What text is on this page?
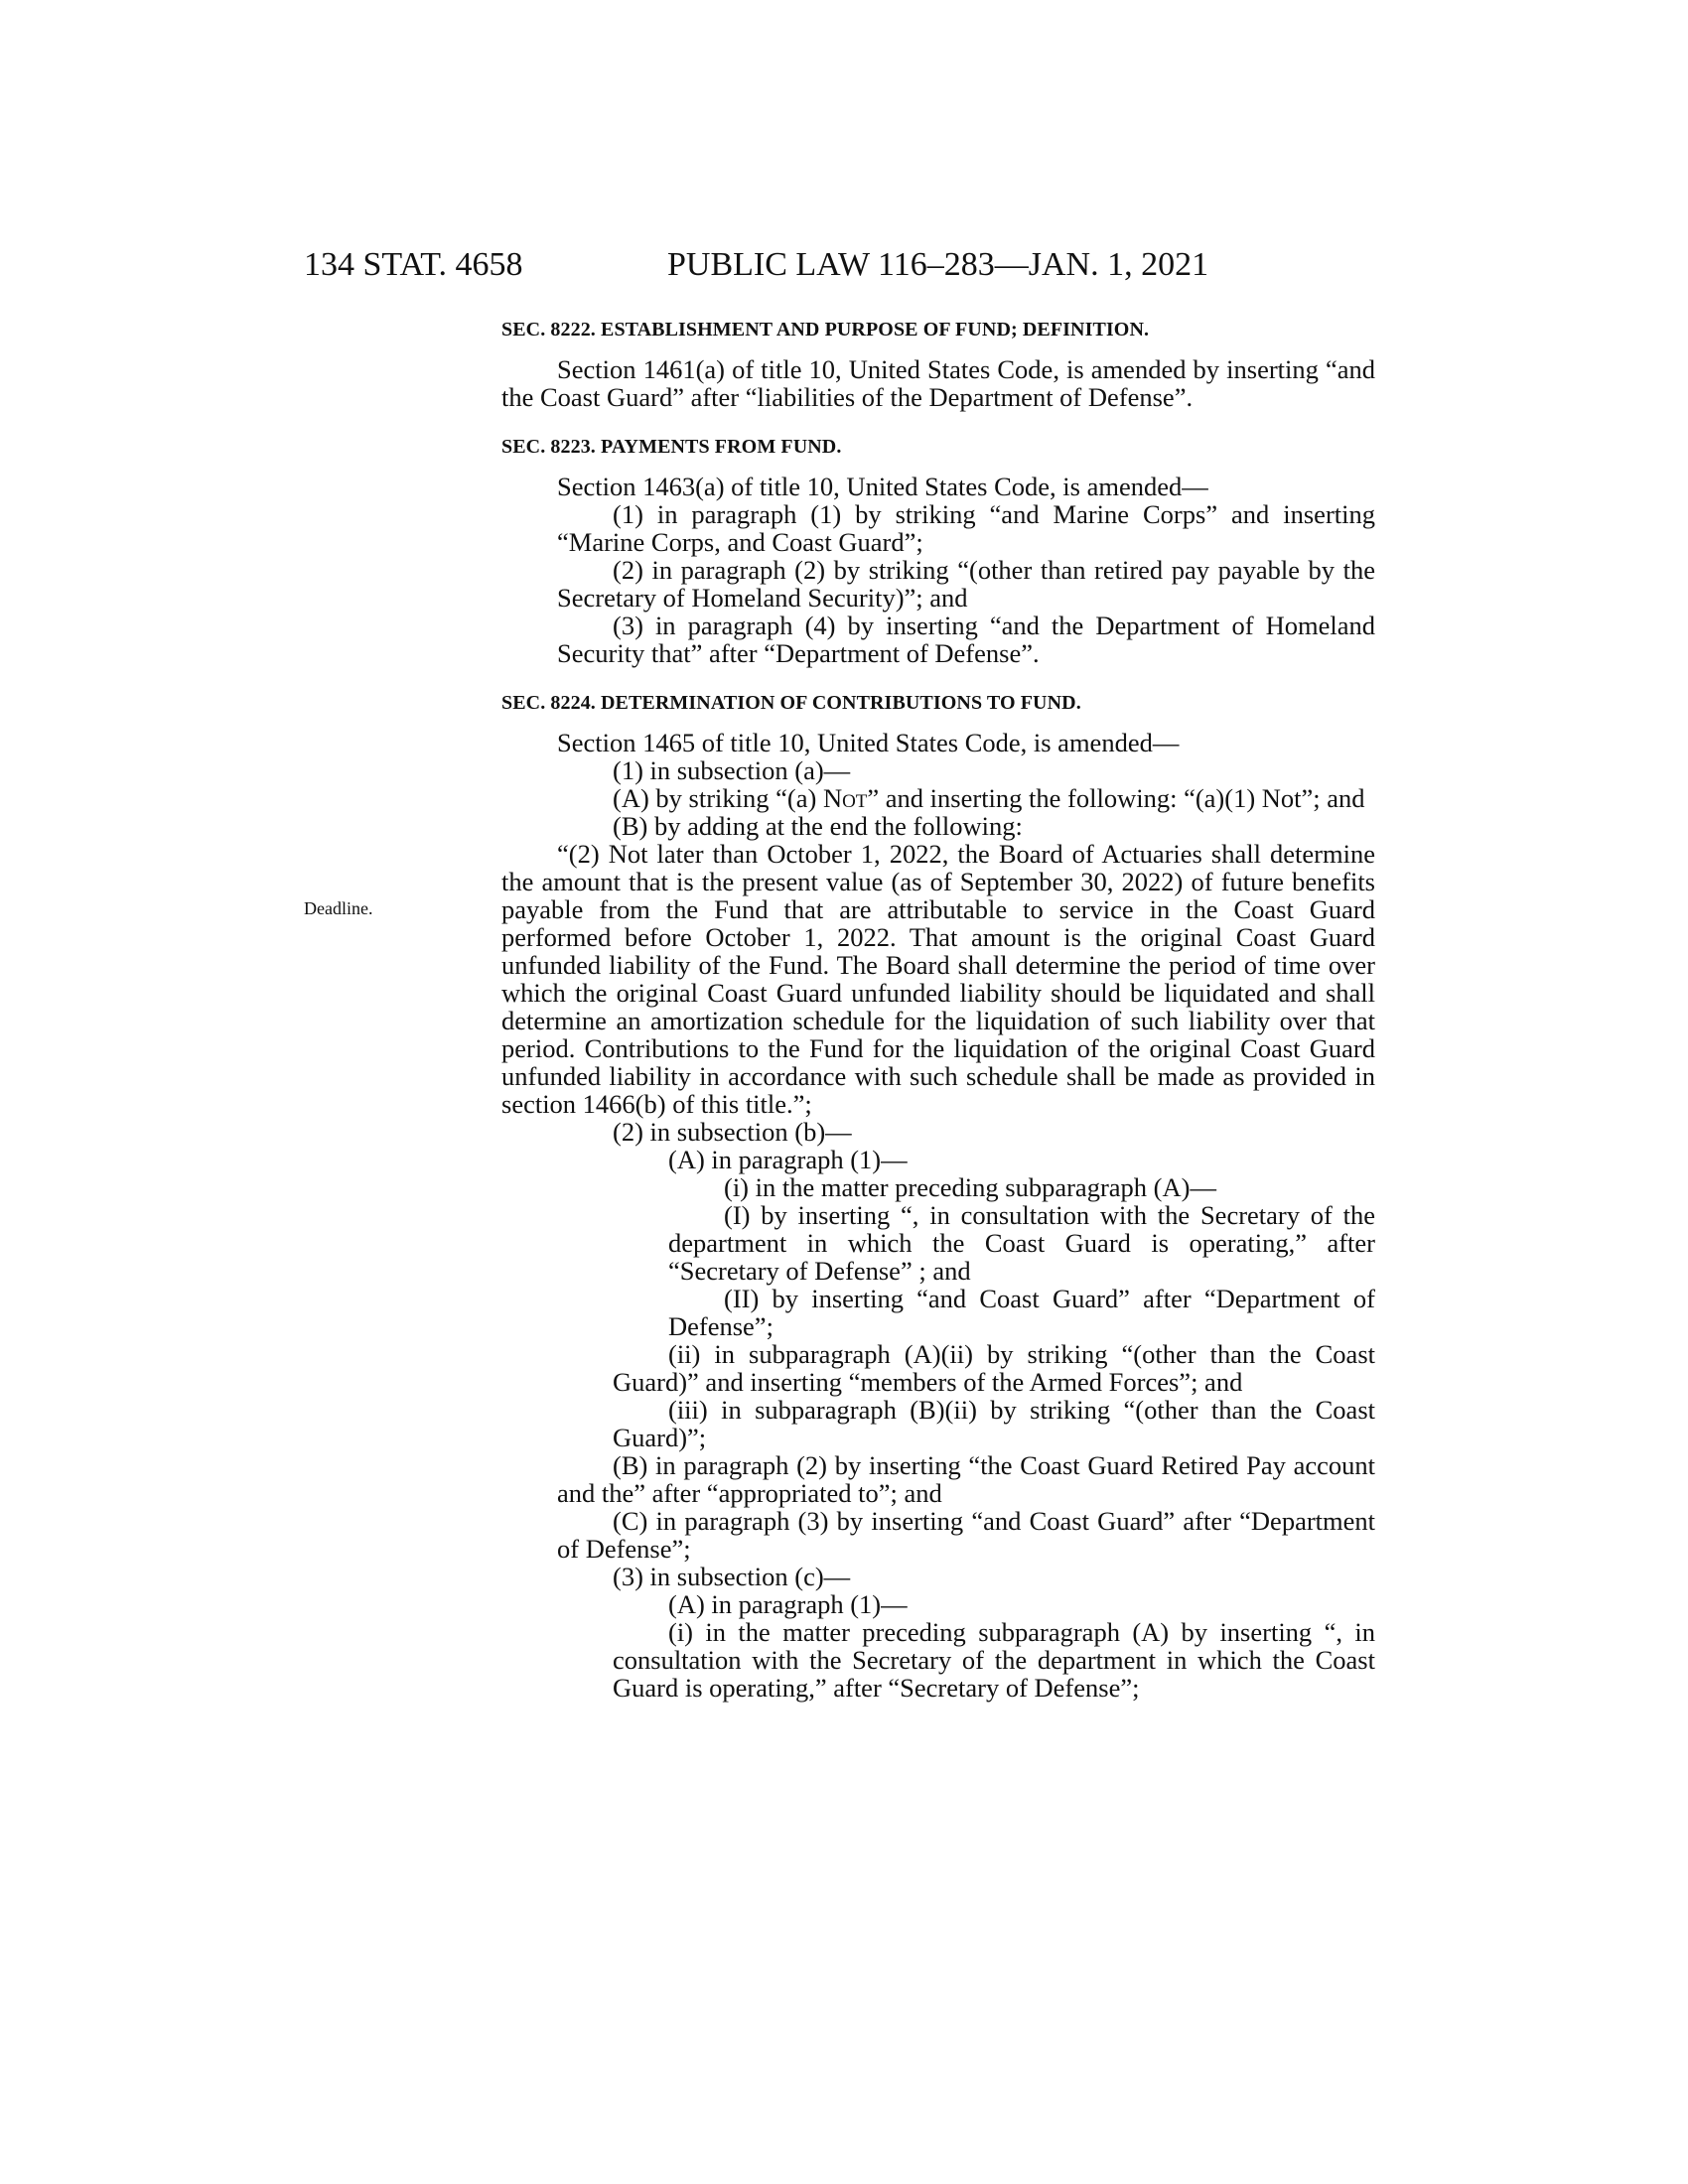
134 STAT. 4658	PUBLIC LAW 116–283—JAN. 1, 2021
Deadline.
SEC. 8222. ESTABLISHMENT AND PURPOSE OF FUND; DEFINITION.

Section 1461(a) of title 10, United States Code, is amended by inserting “and the Coast Guard” after “liabilities of the Department of Defense”.

SEC. 8223. PAYMENTS FROM FUND.

Section 1463(a) of title 10, United States Code, is amended—

(1) in paragraph (1) by striking “and Marine Corps” and inserting “Marine Corps, and Coast Guard”;

(2) in paragraph (2) by striking “(other than retired pay payable by the Secretary of Homeland Security)”; and

(3) in paragraph (4) by inserting “and the Department of Homeland Security that” after “Department of Defense”.

SEC. 8224. DETERMINATION OF CONTRIBUTIONS TO FUND.

Section 1465 of title 10, United States Code, is amended—

(1) in subsection (a)—

(A) by striking “(a) Not” and inserting the following: “(a)(1) Not”; and

(B) by adding at the end the following:

“(2) Not later than October 1, 2022, the Board of Actuaries shall determine the amount that is the present value (as of September 30, 2022) of future benefits payable from the Fund that are attributable to service in the Coast Guard performed before October 1, 2022. That amount is the original Coast Guard unfunded liability of the Fund. The Board shall determine the period of time over which the original Coast Guard unfunded liability should be liquidated and shall determine an amortization schedule for the liquidation of such liability over that period. Contributions to the Fund for the liquidation of the original Coast Guard unfunded liability in accordance with such schedule shall be made as provided in section 1466(b) of this title.”;

(2) in subsection (b)—

(A) in paragraph (1)—

(i) in the matter preceding subparagraph (A)—

(I) by inserting “, in consultation with the Secretary of the department in which the Coast Guard is operating,” after “Secretary of Defense” ; and

(II) by inserting “and Coast Guard” after “Department of Defense”;

(ii) in subparagraph (A)(ii) by striking “(other than the Coast Guard)” and inserting “members of the Armed Forces”; and

(iii) in subparagraph (B)(ii) by striking “(other than the Coast Guard)”;

(B) in paragraph (2) by inserting “the Coast Guard Retired Pay account and the” after “appropriated to”; and

(C) in paragraph (3) by inserting “and Coast Guard” after “Department of Defense”;

(3) in subsection (c)—

(A) in paragraph (1)—

(i) in the matter preceding subparagraph (A) by inserting “, in consultation with the Secretary of the department in which the Coast Guard is operating,” after “Secretary of Defense”;
